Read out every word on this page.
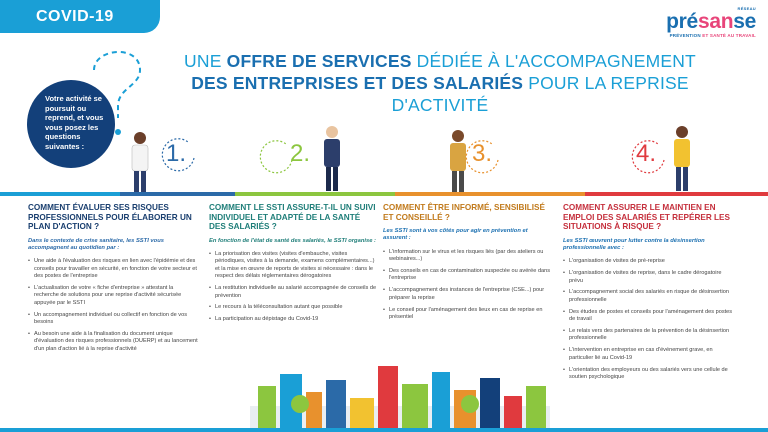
COVID-19	RÉSEAU
présanse
PRÉVENTION ET SANTÉ AU TRAVAIL
UNE OFFRE DE SERVICES DÉDIÉE À L'ACCOMPAGNEMENT
DES ENTREPRISES ET DES SALARIÉS POUR LA REPRISE D'ACTIVITÉ
Votre activité se poursuit ou reprend, et vous vous posez les questions suivantes :	1.	2.	3.	4.
COMMENT ÉVALUER SES RISQUES PROFESSIONNELS POUR ÉLABORER UN PLAN D'ACTION ?

Dans le contexte de crise sanitaire, les SSTI vous accompagnent au quotidien par :

• Une aide à l'évaluation des risques en lien avec l'épidémie et des conseils pour travailler en sécurité, en fonction de votre secteur et des postes de l'entreprise
• L'actualisation de votre « fiche d'entreprise » attestant la recherche de solutions pour une reprise d'activité sécurisée appuyée par le SSTI
• Un accompagnement individuel ou collectif en fonction de vos besoins
• Au besoin une aide à la finalisation du document unique d'évaluation des risques professionnels (DUERP) et au lancement d'un plan d'action lié à la reprise d'activité
COMMENT LE SSTI ASSURE-T-IL UN SUIVI INDIVIDUEL ET ADAPTÉ DE LA SANTÉ DES SALARIÉS ?

En fonction de l'état de santé des salariés, le SSTI organise :

• La priorisation des visites (visites d'embauche, visites périodiques, visites à la demande, examens complémentaires...) et la mise en œuvre de reports de visites si nécessaire : dans le respect des délais réglementaires dérogatoires
• La restitution individuelle au salarié accompagnée de conseils de prévention
• Le recours à la téléconsultation autant que possible
• La participation au dépistage du Covid-19
COMMENT ÊTRE INFORMÉ, SENSIBILISÉ ET CONSEILLÉ ?

Les SSTI sont à vos côtés pour agir en prévention et assurent :

• L'information sur le virus et les risques liés (par des ateliers ou webinaires...)
• Des conseils en cas de contamination suspectée ou avérée dans l'entreprise
• L'accompagnement des instances de l'entreprise (CSE...) pour préparer la reprise
• Le conseil pour l'aménagement des lieux en cas de reprise en présentiel
COMMENT ASSURER LE MAINTIEN EN EMPLOI DES SALARIÉS ET REPÉRER LES SITUATIONS À RISQUE ?

Les SSTI œuvrent pour lutter contre la désinsertion professionnelle avec :

• L'organisation de visites de pré-reprise
• L'organisation de visites de reprise, dans le cadre dérogatoire prévu
• L'accompagnement social des salariés en risque de désinsertion professionnelle
• Des études de postes et conseils pour l'aménagement des postes de travail
• Le relais vers des partenaires de la prévention de la désinsertion professionnelle
• L'intervention en entreprise en cas d'événement grave, en particulier lié au Covid-19
• L'orientation des employeurs ou des salariés vers une cellule de soutien psychologique
